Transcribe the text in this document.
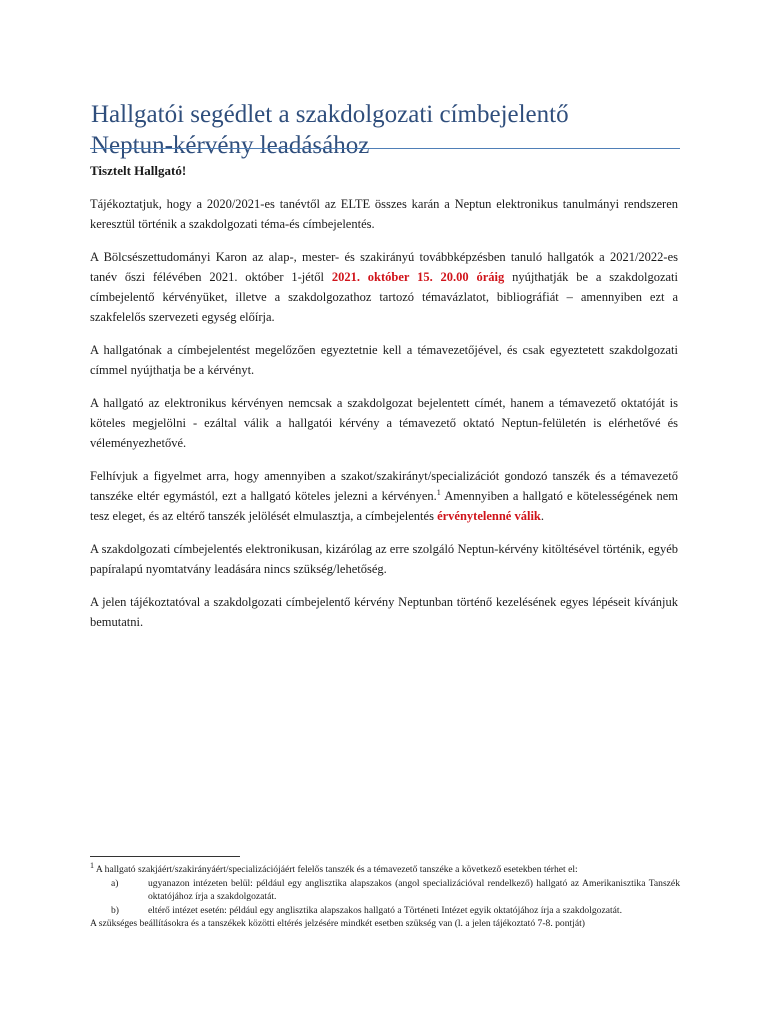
Hallgatói segédlet a szakdolgozati címbejelentő
Neptun-kérvény leadásához
Tisztelt Hallgató!

Tájékoztatjuk, hogy a 2020/2021-es tanévtől az ELTE összes karán a Neptun elektronikus tanulmányi rendszeren keresztül történik a szakdolgozati téma-és címbejelentés.

A Bölcsészettudományi Karon az alap-, mester- és szakirányú továbbképzésben tanuló hallgatók a 2021/2022-es tanév őszi félévében 2021. október 1-jétől 2021. október 15. 20.00 óráig nyújthatják be a szakdolgozati címbejelentő kérvényüket, illetve a szakdolgozathoz tartozó témavázlatot, bibliográfiát – amennyiben ezt a szakfelelős szervezeti egység előírja.

A hallgatónak a címbejelentést megelőzően egyeztetnie kell a témavezetőjével, és csak egyeztetett szakdolgozati címmel nyújthatja be a kérvényt.

A hallgató az elektronikus kérvényen nemcsak a szakdolgozat bejelentett címét, hanem a témavezető oktatóját is köteles megjelölni - ezáltal válik a hallgatói kérvény a témavezető oktató Neptun-felületén is elérhetővé és véleményezhetővé.

Felhívjuk a figyelmet arra, hogy amennyiben a szakot/szakirányt/specializációt gondozó tanszék és a témavezető tanszéke eltér egymástól, ezt a hallgató köteles jelezni a kérvényen.$^1$ Amennyiben a hallgató e kötelességének nem tesz eleget, és az eltérő tanszék jelölését elmulasztja, a címbejelentés érvénytelenné válik.

A szakdolgozati címbejelentés elektronikusan, kizárólag az erre szolgáló Neptun-kérvény kitöltésével történik, egyéb papíralapú nyomtatvány leadására nincs szükség/lehetőség.

A jelen tájékoztatóval a szakdolgozati címbejelentő kérvény Neptunban történő kezelésének egyes lépéseit kívánjuk bemutatni.

$^1$ A hallgató szakjáért/szakirányáért/specializációjáért felelős tanszék és a témavezető tanszéke a következő esetekben térhet el:

a)	ugyanazon intézeten belül: például egy anglisztika alapszakos (angol specializációval rendelkező) hallgató az Amerikanisztika Tanszék oktatójához írja a szakdolgozatát.
b)	eltérő intézet esetén: például egy anglisztika alapszakos hallgató a Történeti Intézet egyik oktatójához írja a szakdolgozatát.

A szükséges beállításokra és a tanszékek közötti eltérés jelzésére mindkét esetben szükség van (l. a jelen tájékoztató 7-8. pontját)
